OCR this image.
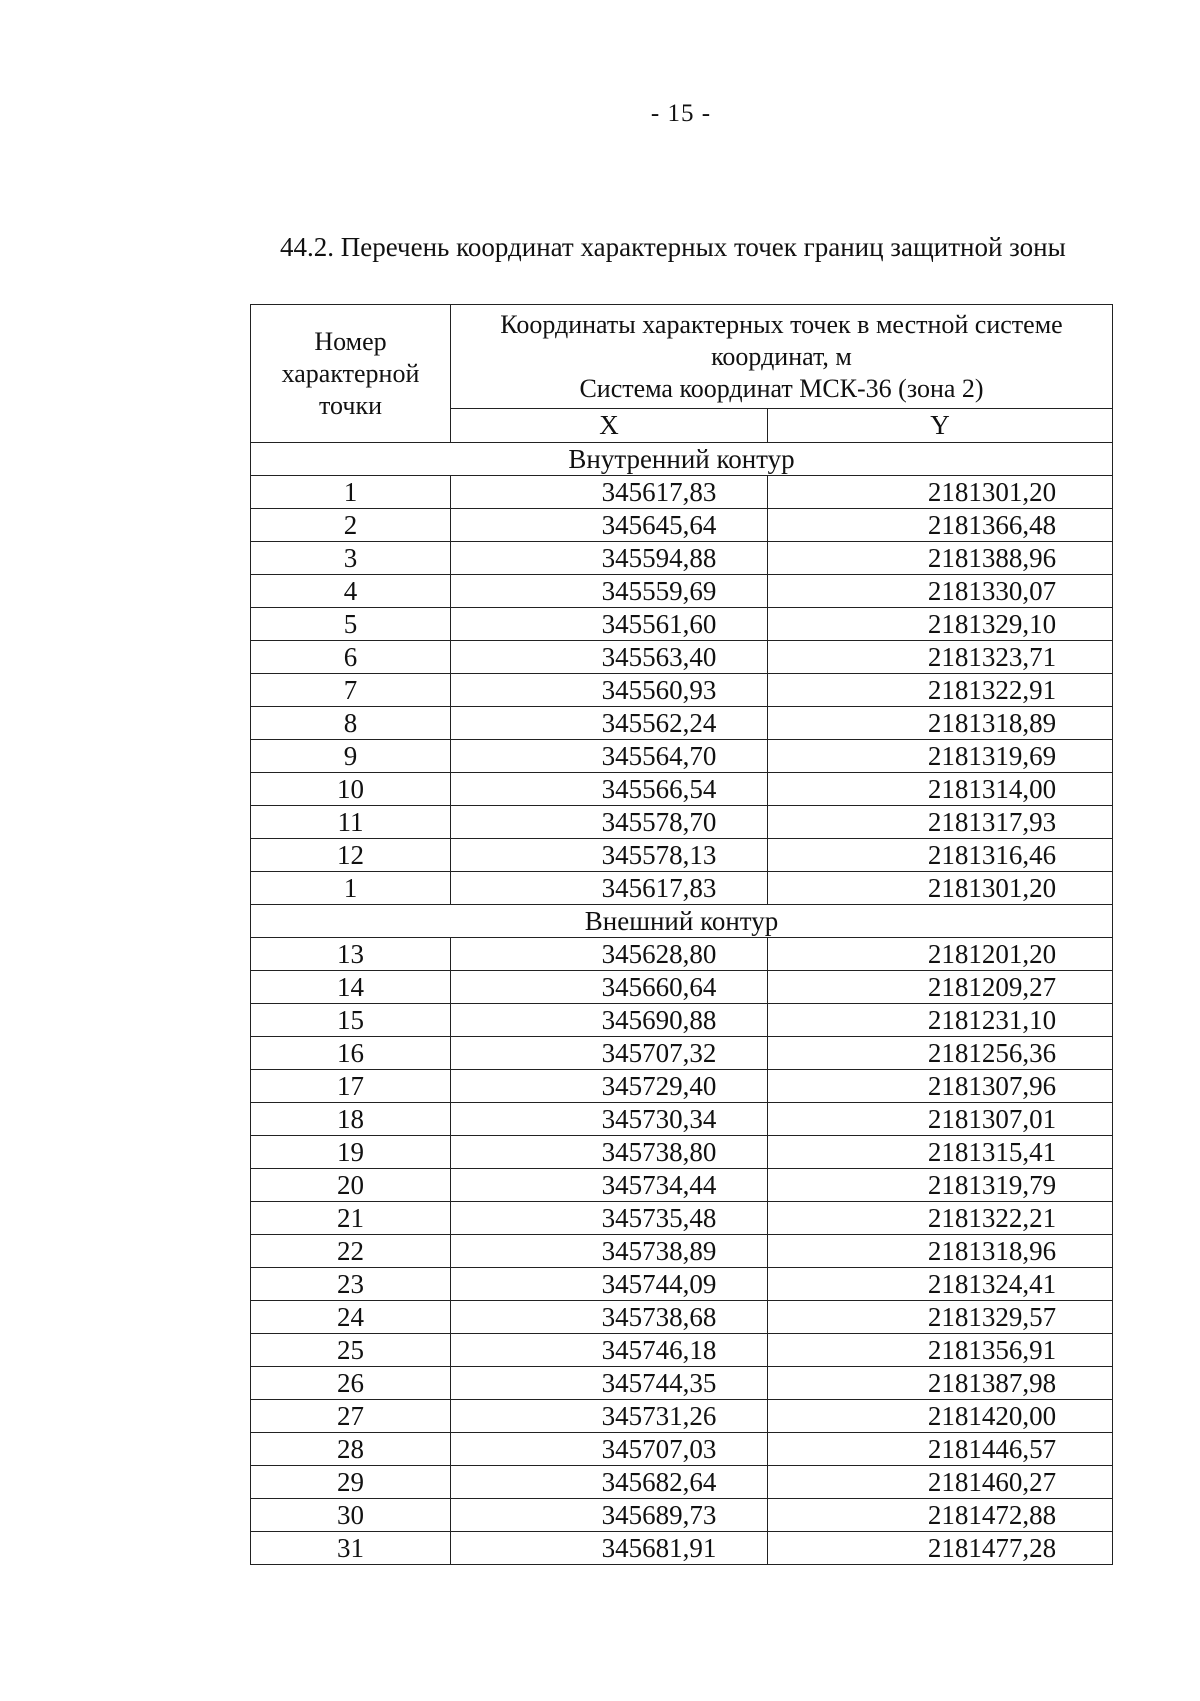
- 15 -
44.2. Перечень координат характерных точек границ защитной зоны
Номер характерной точки	Координаты характерных точек в местной системе координат, м
Система координат МСК-36 (зона 2)	

	X	Y
Внутренний контур		
1	345617,83	2181301,20
2	345645,64	2181366,48
3	345594,88	2181388,96
4	345559,69	2181330,07
5	345561,60	2181329,10
6	345563,40	2181323,71
7	345560,93	2181322,91
8	345562,24	2181318,89
9	345564,70	2181319,69
10	345566,54	2181314,00
11	345578,70	2181317,93
12	345578,13	2181316,46
1	345617,83	2181301,20
Внешний контур		
13	345628,80	2181201,20
14	345660,64	2181209,27
15	345690,88	2181231,10
16	345707,32	2181256,36
17	345729,40	2181307,96
18	345730,34	2181307,01
19	345738,80	2181315,41
20	345734,44	2181319,79
21	345735,48	2181322,21
22	345738,89	2181318,96
23	345744,09	2181324,41
24	345738,68	2181329,57
25	345746,18	2181356,91
26	345744,35	2181387,98
27	345731,26	2181420,00
28	345707,03	2181446,57
29	345682,64	2181460,27
30	345689,73	2181472,88
31	345681,91	2181477,28
